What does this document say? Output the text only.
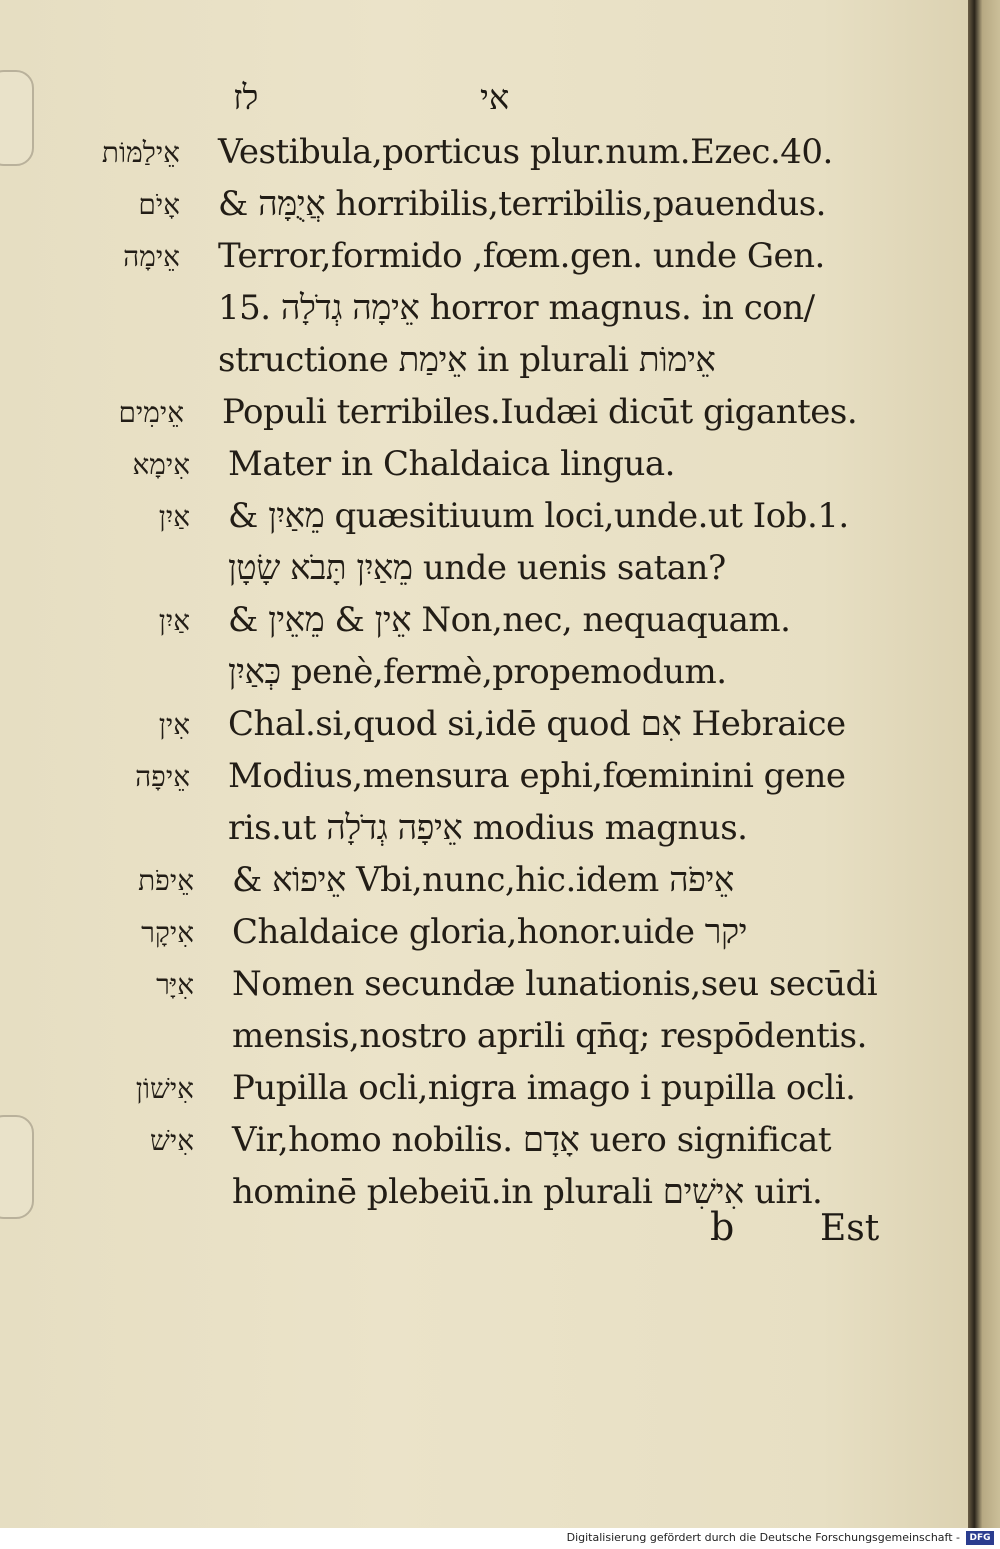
לז	אי
אֵילַמּוֹת Vestibula,porticus plur.num.Ezec.40.
אָיֹם & אֲיֻמָּה horribilis,terribilis,pauendus.
אֵימָה Terror,formido ,fœm.gen. unde Gen.
15. אֵימָה גְדֹלָה horror magnus. in con/
structione אֵימַת in plurali אֵימוֹת
אֵימִים Populi terribiles.Iudæi dicūt gigantes.
אִימָא Mater in Chaldaica lingua.
אַיִן & מֵאַיִן quæsitiuum loci,unde.ut Iob.1.
מֵאַיִן תָּבֹא שָׂטָן unde uenis satan?
אַיִן & אֵין & מֵאֵין Non,nec, nequaquam.
כְּאַיִן penè,fermè,propemodum.
אִין Chal.si,quod si,idē quod אִם Hebraice
אֵיפָה Modius,mensura ephi,fœminini gene
ris.ut אֵיפָה גְדֹלָה modius magnus.
אֵיפֹת & אֵיפוֹא Vbi,nunc,hic.idem אֵיפֹה
אִיקָר Chaldaice gloria,honor.uide יקר
אִיָּר Nomen secundæ lunationis,seu secūdi
mensis,nostro aprili qn̄q; respōdentis.
אִישׁוֹן Pupilla ocli,nigra imago i pupilla ocli.
אִישׁ Vir,homo nobilis. אָדָם uero significat
hominē plebeiū.in plurali אִישִׁים uiri.
b Est
Digitalisierung gefördert durch die Deutsche Forschungsgemeinschaft -	DFG
